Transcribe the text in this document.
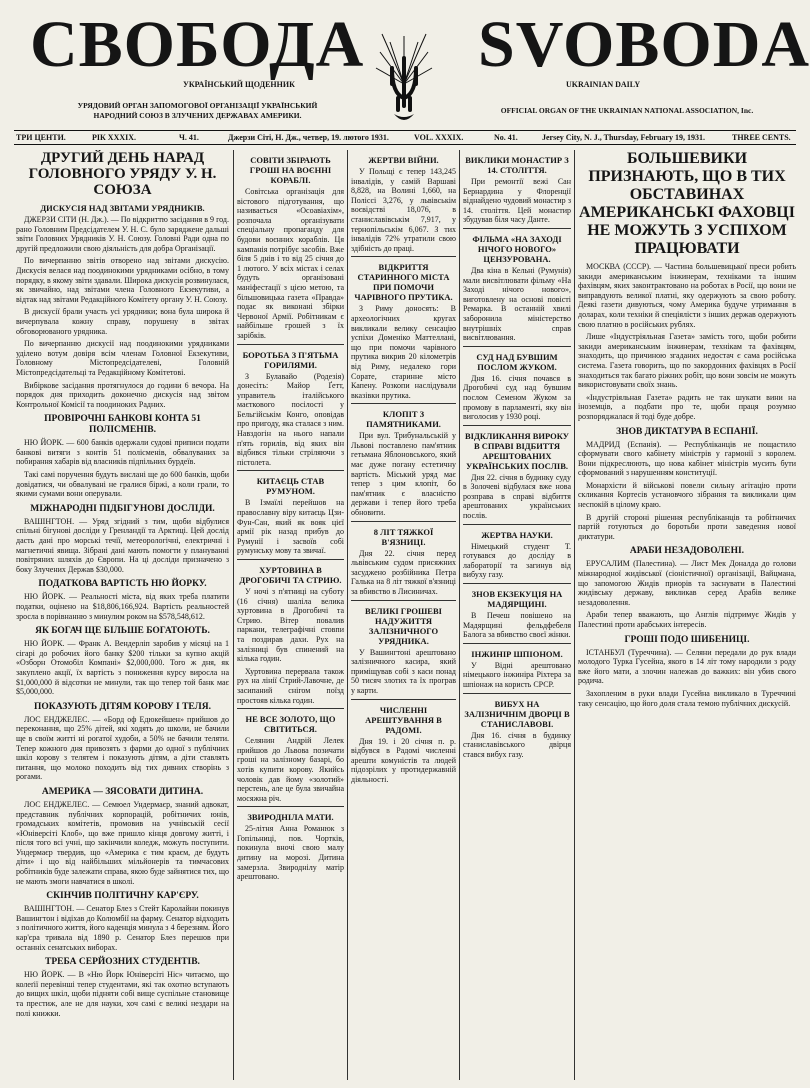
СВОБОДА
УКРАЇНСЬКИЙ ЩОДЕННИК
УРЯДОВИЙ ОРГАН ЗАПОМОГОВОЇ ОРГАНІЗАЦІЇ УКРАЇНСЬКИЙ НАРОДНИЙ СОЮЗ В ЗЛУЧЕНИХ ДЕРЖАВАХ АМЕРИКИ.
SVOBODA
UKRAINIAN DAILY
OFFICIAL ORGAN OF THE UKRAINIAN NATIONAL ASSOCIATION, Inc.
ТРИ ЦЕНТИ.	РІК XXXIX.	Ч. 41.	Джерзи Сіті, Н. Дж., четвер, 19. лютого 1931.	VOL. XXXIX.	No. 41.	Jersey City, N. J., Thursday, February 19, 1931.	THREE CENTS.
ДРУГИЙ ДЕНЬ НАРАД ГОЛОВНОГО УРЯДУ У. Н. СОЮЗА
ДИСКУСІЯ НАД ЗВІТАМИ УРЯДНИКІВ.

ДЖЕРЗИ СІТИ (Н. Дж.). — По відкриттю засідання в 9 год. рано Головним Предсідателем У. Н. С. було заряджене дальші звіти Головних Урядників У. Н. Союзу. Головні Ради одна по другій предложили свою діяльність для добра Організації.

По вичерпанню звітів отворено над звітами дискусію. Дискусія велася над поодинокими урядниками осібно, в тому порядку, в якому звіти здавали. Широка дискусія розвинулася, як звичайно, над звітами члена Головного Екзекутиви, а відтак над звітами Редакційного Комітету органу У. Н. Союзу.

В дискусії брали участь усі урядники; вона була широка й вичерпувала кожну справу, порушену в звітах обговорюваного урядника.

По вичерпанню дискусії над поодинокими урядниками уділено вотум довіря всім членам Головної Екзекутиви, Головному Містопредсідателеві, Головній Містопредсідательці та Редакційному Комітетові.

Вибіркове засідання протягнулося до години 6 вечора. На порядок дня приходить доконечно дискусія над звітом Контрольної Комісії та поодиноких Радних.

ПРОВІРОЧНІ БАНКОВІ КОНТА 51 ПОЛІСМЕНІВ.

НЮ ЙОРК. — 600 банків одержали судові приписи подати банкові витяги з контів 51 полісменів, обвалуваних за побирання хабарів від власників підпільних бурдеїв.

Такі самі поручення будуть вислані ще до 600 банків, щоби довідатися, чи обвалувані не гралися біржі, а коли грали, то якими сумами вони оперували.

МІЖНАРОДНІ ПІДБІГУНОВІ ДОСЛІДИ.

ВАШІНГТОН. — Уряд згідний з тим, щоби відбулися спільні бігунові досліди у Гренландії та Арктиці. Цей дослід дасть дані про морські течії, метеорологічні, електричні і магнетичні явища. Зібрані дані мають помогти у плануванні повітряних шляхів до Європи. На ці досліди призначено з боку Злучених Держав $30,000.

ПОДАТКОВА ВАРТІСТЬ НЮ ЙОРКУ.

НЮ ЙОРК. — Реальності міста, від яких треба платити податки, оцінено на $18,806,166,924. Вартість реальностей зросла в порівнанню з минулим роком на $578,548,612.

ЯК БОГАЧ ЩЕ БІЛЬШЕ БОГАТОЮТЬ.

НЮ ЙОРК. — Франк А. Вендерліп заробив у місяці на 1 сігарі до робочих його банку $200 тільки за купно акцій «Озборн Отомобіл Компані» $2,000,000. Того ж дня, як закуплено акції, їх вартість з пониження курсу виросла на $1,000,000 й відсотки не минули, так що тепер той банк має $5,000,000.

ПОКАЗУЮТЬ ДІТЯМ КОРОВУ І ТЕЛЯ.

ЛОС ЕНДЖЕЛЕС. — «Борд оф Едюкейшен» прийшов до переконання, що 25% дітей, які ходять до школи, не бачили ще в своїм житті ні рогатої худоби, а 50% не бачили теляти. Тепер кожного дня привозять з фарми до одної з публічних шкіл корову з телятем і показують дітям, а діти ставлять питання, що молоко походить від тих дивних створінь з рогами.

АМЕРИКА — ЗЯСОВАТИ ДИТИНА.

ЛОС ЕНДЖЕЛЕС. — Семюел Ундермаєр, знаний адвокат, представник публічних корпорацій, робітничих юнів, громадських комітетів, промовив на учнівській сесії «Юніверсіті Клоб», що вже пришло кінця довгому житті, і після того всі учні, що закінчили коледж, можуть поступити. Ундермаєр твердив, що «Америка є тим краєм, де будуть діти» і що від найбільших мільйонерів та тимчасових робітників буде залежати справа, якою буде зайнятися тих, що не мають змоги навчатися в школі.

СКІНЧИВ ПОЛІТИЧНУ КАР'ЄРУ.

ВАШІНГТОН. — Сенатор Блез з Стейт Каролайни покинув Вашингтон і відіхав до Колюмбії на фарму. Сенатор відходить з політичного життя, його каденція минула з 4 березням. Його кар'єра тривала від 1890 р. Сенатор Блез перешов при останніх сенатських виборах.

ТРЕБА СЕРЙОЗНИХ СТУДЕНТІВ.

НЮ ЙОРК. — В «Ню Йорк Юніверсіті Ніс» читаємо, що колеґії перевінші тепер студентами, які так охотно вступають до вищих шкіл, щоби підняти собі вище суспільне становище та престиж, але не для науки, хоч самі є великі нездари на полі книжки.

СОВІТИ ЗБІРАЮТЬ ГРОШІ НА ВОЄННІ КОРАБЛІ.

Совітська організація для вістового підготування, що називається «Осоавіахім», розпочала організувати спеціальну пропаганду для будови воєнних кораблів. Ця кампанія потрібує засобів. Вже біля 5 днів і то від 25 січня до 1 лютого. У всіх містах і селах будуть організовані маніфестації з цією метою, та більшовицька газета «Правда» подає як виконані збірки Червоної Армії. Робітникам є найбільше грошей з їх зарібків.

БОРОТЬБА З П'ЯТЬМА ГОРИЛЯМИ.

З Булавайо (Родезія) донесіть: Майор Ґетт, управитель італійського маєткового посілості у Бельгійськім Конго, оповідав про пригоду, яка сталася з ним. Навздогін на нього напали п'ять горилів, від яких він відбився тільки стріляючи з пістолета.

КИТАЄЦЬ СТАВ РУМУНОМ.

В Ізмаїлі перейшов на православну віру китаєць Цзи-Фун-Сан, який як вояк цієї армії рік назад прибув до Румунії і засвоїв собі румунську мову та звичаї.

ХУРТОВИНА В ДРОГОБИЧІ ТА СТРИЮ.

У ночі з п'ятниці на суботу (16 січня) шаліла велика хуртовина в Дрогобичі та Стрию. Вітер повалив паркани, телеграфічні стовпи та поздирав дахи. Рух на залізниці був спинений на кілька годин.

Хуртовина перервала також рух на лінії Стрий-Лавочне, де засипаний снігом поїзд простояв кілька годин.

НЕ ВСЕ ЗОЛОТО, ЩО СВІТИТЬСЯ.

Селянин Андрій Лелек прийшов до Львова позичати гроші на залізному базарі, бо хотів купити корову. Якийсь чоловік дав йому «золотий» перстень, але це була звичайна мосяжна річ.

ЗВИРОДНІЛА МАТИ.

25-літня Анна Романюк з Гопільниці, пов. Чортків, покинула вночі свою малу дитину на морозі. Дитина замерзла. Звироднілу матір арештовано.

ЖЕРТВИ ВІЙНИ.

У Польщі є тепер 143,245 інвалідів, у самій Варшаві 8,828, на Волині 1,660, на Поліссі 3,276, у львівськім воєвідстві 18,076, в станиславівськім 7,917, у тернопільськім 6,067. З тих інвалідів 72% утратили свою здібність до праці.

ВІДКРИТТЯ СТАРИННОГО МІСТА ПРИ ПОМОЧИ ЧАРІВНОГО ПРУТИКА.

З Риму доносять: В археологічних кругах викликали велику сенсацію успіхи Доменіко Маттеллані, що при помочи чарівного прутика викрив 20 кілометрів від Риму, недалеко гори Сорате, старинне місто Капену. Розкопи наслідували вказівки прутика.

КЛОПІТ З ПАМЯТНИКАМИ.

При вул. Трибунальській у Львові поставлено пам'ятник гетьмана Яблоновського, який має дуже погану естетичну вартість. Міський уряд має тепер з цим клопіт, бо пам'ятник є власністю держави і тепер його треба обновити.

8 ЛІТ ТЯЖКОЇ В'ЯЗНИЦІ.

Дня 22. січня перед львівським судом присяжних засуджено розбійника Петра Галька на 8 літ тяжкої в'язниці за вбивство в Лисиничах.

ВЕЛИКІ ГРОШЕВІ НАДУЖИТТЯ ЗАЛІЗНИЧНОГО УРЯДНИКА.

У Вашингтоні арештовано залізничного касира, який приміщував собі з каси понад 50 тисяч злотих та їх програв у карти.

ЧИСЛЕННІ АРЕШТУВАННЯ В РАДОМІ.

Дня 19. і 20 січня п. р. відбувся в Радомі численні арешти комуністів та людей підозрілих у протидержавній діяльності.

ВИКЛИКИ МОНАСТИР З 14. СТОЛІТТЯ.

При ремонтії вежі Сан Бернардина у Флоренції віднайдено чудовий монастир з 14. століття. Цей монастир збудував біля часу Данте.

ФІЛЬМА «НА ЗАХОДІ НІЧОГО НОВОГО» ЦЕНЗУРОВАНА.

Два кіна в Кельні (Румунія) мали висвітлювати фільму «На Заході нічого нового», виготовлену на основі повісті Ремарка. В останній хвилі заборонила міністерство внутрішніх справ висвітлювання.

СУД НАД БУВШИМ ПОСЛОМ ЖУКОМ.

Дня 16. січня почався в Дрогобичі суд над бувшим послом Семеном Жуком за промову в парламенті, яку він виголосив у 1930 році.

ВІДКЛИКАННЯ ВИРОКУ В СПРАВІ ВІДБИТТЯ АРЕШТОВАНИХ УКРАЇНСЬКИХ ПОСЛІВ.

Дня 22. січня в будинку суду в Золочеві відбулася вже нова розправа в справі відбиття арештованих українських послів.

ЖЕРТВА НАУКИ.

Німецький студент Т. готувався до досліду в лабораторії та загинув від вибуху газу.

ЗНОВ ЕКЗЕКУЦІЯ НА МАДЯРЩИНІ.

В Печеш повішено на Мадярщині фельдфебеля Балога за вбивство своєї жінки.

ІНЖИНІР ШПІОНОМ.

У Відні арештовано німецького інжиніра Ріхтера за шпіонаж на користь СРСР.

ВИБУХ НА ЗАЛІЗНИЧНІМ ДВОРЦІ В СТАНИСЛАВОВІ.

Дня 16. січня в будинку станиславівського двірця стався вибух газу.

БОЛЬШЕВИКИ ПРИЗНАЮТЬ, ЩО В ТИХ ОБСТАВИНАХ АМЕРИКАНСЬКІ ФАХОВЦІ НЕ МОЖУТЬ З УСПІХОМ ПРАЦЮВАТИ

МОСКВА (СССР). — Частина большевицької преси робить закиди американським інжинерам, техніками та іншим фахівцям, яких законтрактовано на роботах в Росії, що вони не виправдують великої платні, яку одержують за свою роботу. Деякі газети дивуються, чому Америка будуче утримання в доларах, коли техніки й спеціялісти з інших держав одержують свою платню в російських рублях.

Лише «Індустріяльная Газета» замість того, щоби робити закиди американським інжинерам, технікам та фахівцям, знаходить, що причиною згаданих недостач є сама російська система. Газета говорить, що по закордонних фахівцях в Росії знаходиться так багато ріжних робіт, що вони зовсім не можуть використовувати своїх знань.

«Індустріяльная Газета» радить не так шукати вини на іноземців, а подбати про те, щоби праця розумно розпоряджалася й тоді буде добре.

ЗНОВ ДИКТАТУРА В ЕСПАНІЇ.

МАДРИД (Еспанія). — Республіканців не пощастило сформувати свого кабінету міністрів у гармонії з королем. Вони підкреслюють, що нова кабінет міністрів мусить бути сформований з нарушенням конституції.

Монархісти й військові повели сильну агітацію проти скликання Кортесів установчого зібрання та викликали цим неспокій в цілому краю.

В другій стороні рішення республіканців та робітничих партій готуються до боротьби проти заведення нової диктатури.

АРАБИ НЕЗАДОВОЛЕНІ.

ЕРУСАЛИМ (Палестина). — Лист Мек Доналда до голови міжнародної жидівської (сіоністичної) організації, Вайцмана, що запомогою Жидів приорів та заснувати в Палестині жидівську державу, викликав серед Арабів велике незадоволення.

Араби тепер вважають, що Англія підтримує Жидів у Палестині проти арабських інтересів.

ГРОШІ ПОДО ШИБЕНИЦІ.

ІСТАНБУЛ (Туреччина). — Селяни передали до рук влади молодого Турка Гусейна, якого в 14 літ тому народили з роду вже його мати, а злочин належав до важких: він убив свого родича.

Захопленим в руки влади Гусейна викликало в Туреччині таку сенсацію, що його доля стала темою публічних дискусій.
